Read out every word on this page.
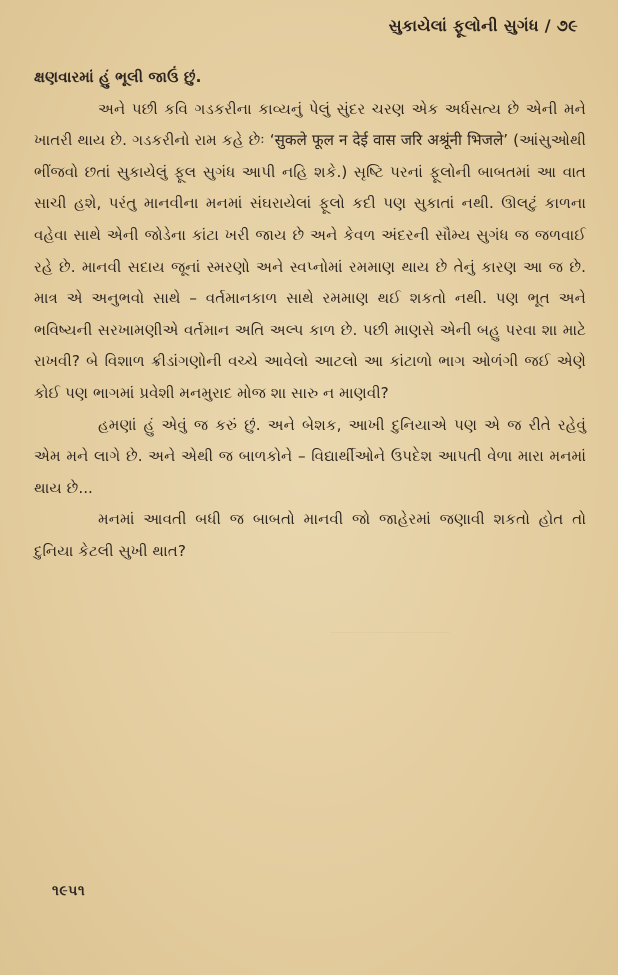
સુકાયેલાં ફૂલોની સુગંધ / ૭૯

ક્ષણવારમાં હું ભૂલી જાઉં છું.

અને પછી કવિ ગડકરીના કાવ્યનું પેલું સુંદર ચરણ એક અર્ધસત્ય છે એની મને ખાતરી થાય છે. ગડકરીનો રામ કહે છેઃ ‘सुकले फूल न देई वास जरि अश्रूंनी भिजले’ (આંસુઓથી ભીંજવો છતાં સુકાયેલું ફૂલ સુગંધ આપી નહિ શકે.) સૃષ્ટિ પરનાં ફૂલોની બાબતમાં આ વાત સાચી હશે, પરંતુ માનવીના મનમાં સંઘરાયેલાં ફૂલો કદી પણ સુકાતાં નથી. ઊલટું કાળના વહેવા સાથે એની જોડેના કાંટા ખરી જાય છે અને કેવળ અંદરની સૌમ્ય સુગંધ જ જળવાઈ રહે છે. માનવી સદાય જૂનાં સ્મરણો અને સ્વપ્નોમાં રમમાણ થાય છે તેનું કારણ આ જ છે. માત્ર એ અનુભવો સાથે – વર્તમાનકાળ સાથે રમમાણ થઈ શકતો નથી. પણ ભૂત અને ભવિષ્યની સરખામણીએ વર્તમાન અતિ અલ્પ કાળ છે. પછી માણસે એની બહુ પરવા શા માટે રાખવી? બે વિશાળ ક્રીડાંગણોની વચ્ચે આવેલો આટલો આ કાંટાળો ભાગ ઓળંગી જઈ એણે કોઈ પણ ભાગમાં પ્રવેશી મનમુરાદ મોજ શા સારુ ન માણવી?

હમણાં હું એવું જ કરું છું. અને બેશક, આખી દુનિયાએ પણ એ જ રીતે રહેવું એમ મને લાગે છે. અને એથી જ બાળકોને – વિદ્યાર્થીઓને ઉપદેશ આપતી વેળા મારા મનમાં થાય છે...

મનમાં આવતી બધી જ બાબતો માનવી જો જાહેરમાં જણાવી શકતો હોત તો દુનિયા કેટલી સુખી થાત?

૧૯૫૧
